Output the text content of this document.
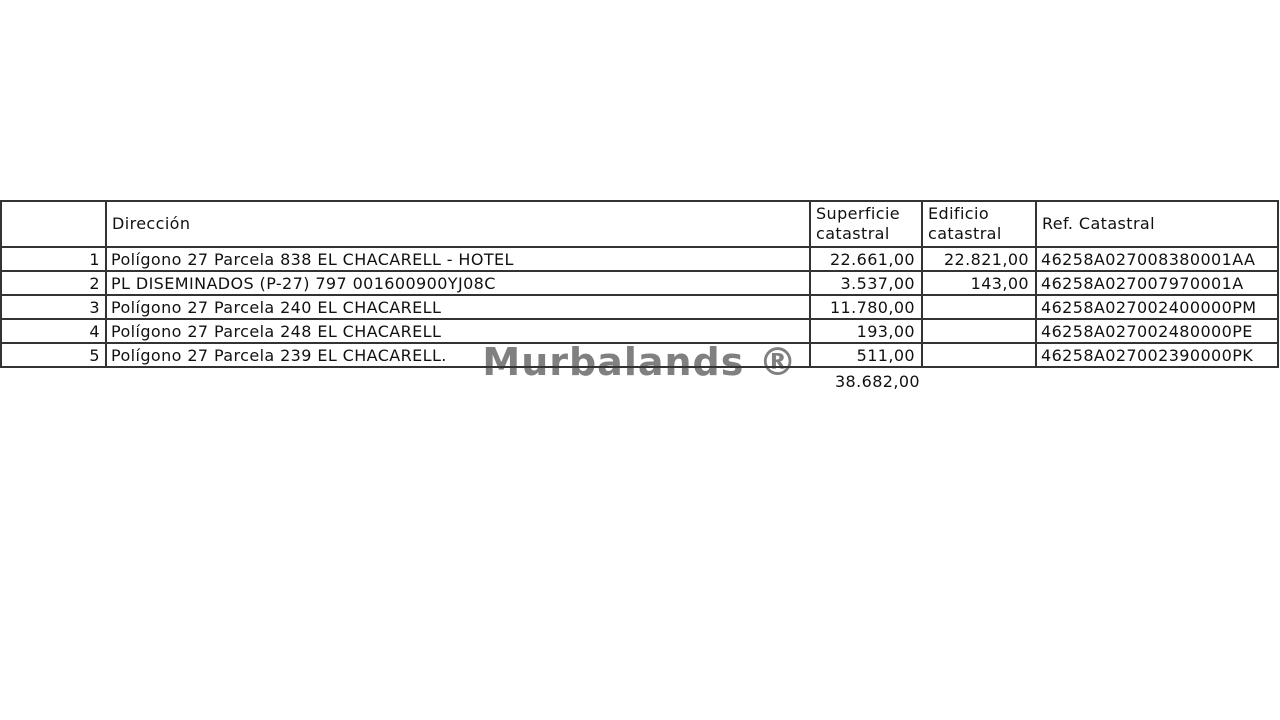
Murbalands ®
	Dirección	Superficie catastral	Edificio catastral	Ref. Catastral
1	Polígono 27 Parcela 838 EL CHACARELL - HOTEL	22.661,00	22.821,00	46258A027008380001AA
2	PL DISEMINADOS (P-27) 797 001600900YJ08C	3.537,00	143,00	46258A027007970001A
3	Polígono 27 Parcela 240 EL CHACARELL	11.780,00		46258A027002400000PM
4	Polígono 27 Parcela 248 EL CHACARELL	193,00		46258A027002480000PE
5	Polígono 27 Parcela 239 EL CHACARELL.	511,00		46258A027002390000PK
38.682,00
